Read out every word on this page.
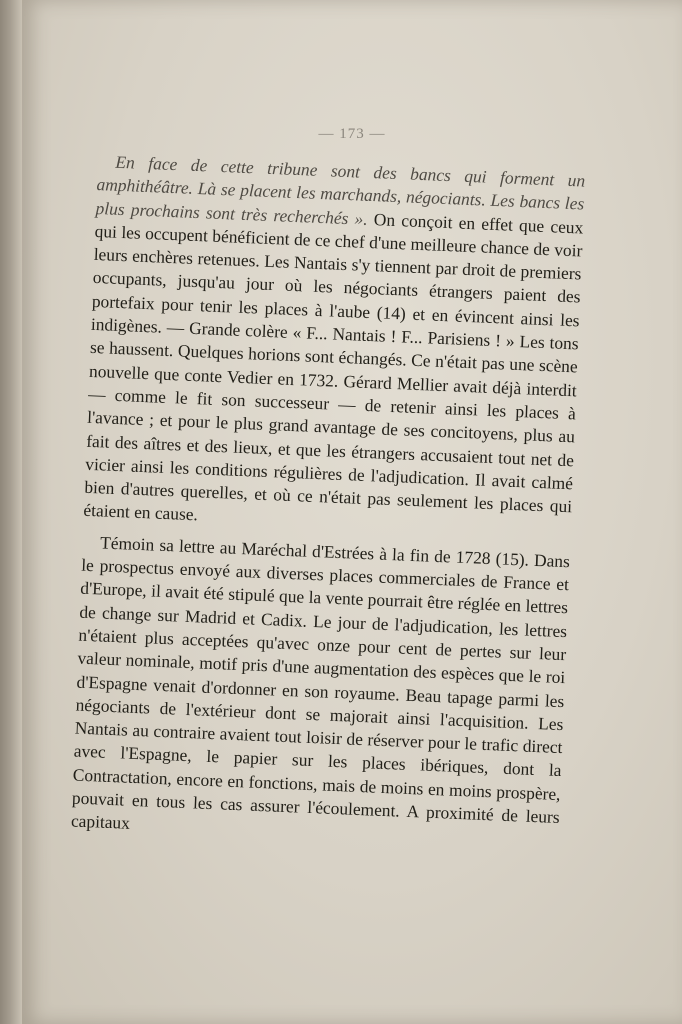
— 173 —

En face de cette tribune sont des bancs qui forment un amphithéâtre. Là se placent les marchands, négociants. Les bancs les plus prochains sont très recherchés ». On conçoit en effet que ceux qui les occupent bénéficient de ce chef d'une meilleure chance de voir leurs enchères retenues. Les Nantais s'y tiennent par droit de premiers occupants, jusqu'au jour où les négociants étrangers paient des portefaix pour tenir les places à l'aube (14) et en évincent ainsi les indigènes. — Grande colère « F... Nantais ! F... Parisiens ! » Les tons se haussent. Quelques horions sont échangés. Ce n'était pas une scène nouvelle que conte Vedier en 1732. Gérard Mellier avait déjà interdit — comme le fit son successeur — de retenir ainsi les places à l'avance ; et pour le plus grand avantage de ses concitoyens, plus au fait des aîtres et des lieux, et que les étrangers accusaient tout net de vicier ainsi les conditions régulières de l'adjudication. Il avait calmé bien d'autres querelles, et où ce n'était pas seulement les places qui étaient en cause.

Témoin sa lettre au Maréchal d'Estrées à la fin de 1728 (15). Dans le prospectus envoyé aux diverses places commerciales de France et d'Europe, il avait été stipulé que la vente pourrait être réglée en lettres de change sur Madrid et Cadix. Le jour de l'adjudication, les lettres n'étaient plus acceptées qu'avec onze pour cent de pertes sur leur valeur nominale, motif pris d'une augmentation des espèces que le roi d'Espagne venait d'ordonner en son royaume. Beau tapage parmi les négociants de l'extérieur dont se majorait ainsi l'acquisition. Les Nantais au contraire avaient tout loisir de réserver pour le trafic direct avec l'Espagne, le papier sur les places ibériques, dont la Contractation, encore en fonctions, mais de moins en moins prospère, pouvait en tous les cas assurer l'écoulement. A proximité de leurs capitaux
